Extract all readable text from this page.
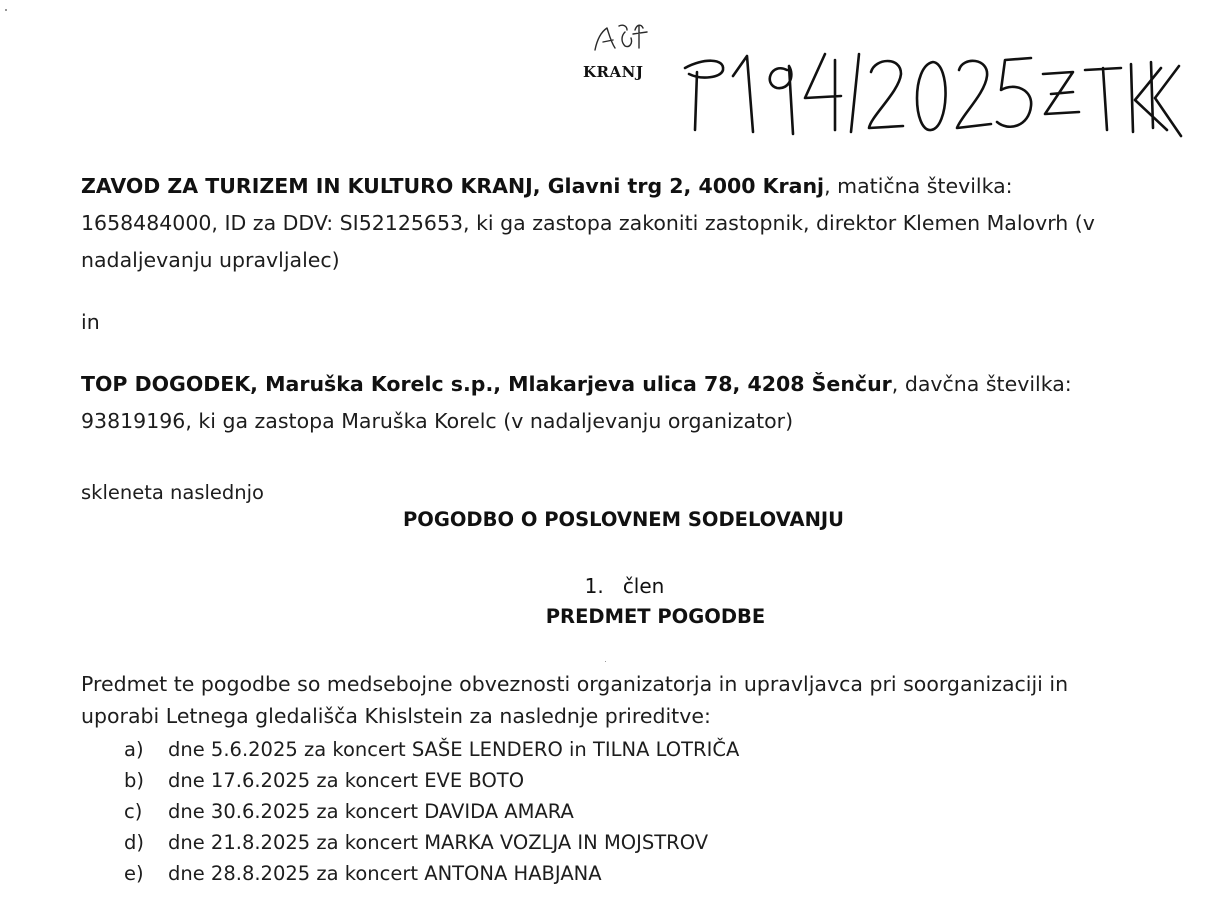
KRANJ
ZAVOD ZA TURIZEM IN KULTURO KRANJ, Glavni trg 2, 4000 Kranj, matična številka: 1658484000, ID za DDV: SI52125653, ki ga zastopa zakoniti zastopnik, direktor Klemen Malovrh (v nadaljevanju upravljalec)
in
TOP DOGODEK, Maruška Korelc s.p., Mlakarjeva ulica 78, 4208 Šenčur, davčna številka: 93819196, ki ga zastopa Maruška Korelc (v nadaljevanju organizator)
skleneta naslednjo
POGODBO O POSLOVNEM SODELOVANJU
1. člen
PREDMET POGODBE
Predmet te pogodbe so medsebojne obveznosti organizatorja in upravljavca pri soorganizaciji in uporabi Letnega gledališča Khislstein za naslednje prireditve:
a) dne 5.6.2025 za koncert SAŠE LENDERO in TILNA LOTRIČA
b) dne 17.6.2025 za koncert EVE BOTO
c) dne 30.6.2025 za koncert DAVIDA AMARA
d) dne 21.8.2025 za koncert MARKA VOZLJA IN MOJSTROV
e) dne 28.8.2025 za koncert ANTONA HABJANA
